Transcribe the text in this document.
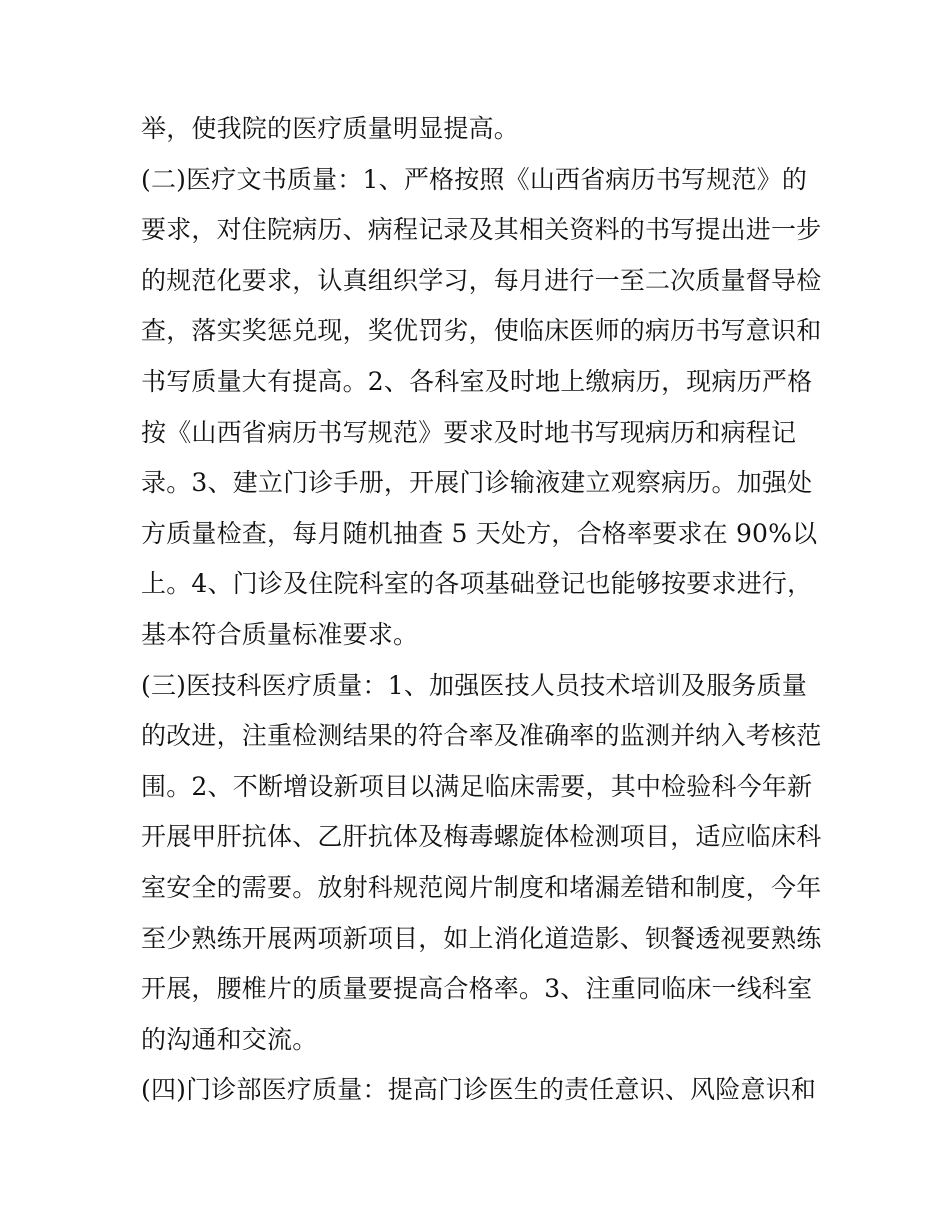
举，使我院的医疗质量明显提高。
(二)医疗文书质量：1、严格按照《山西省病历书写规范》的
要求，对住院病历、病程记录及其相关资料的书写提出进一步
的规范化要求，认真组织学习，每月进行一至二次质量督导检
查，落实奖惩兑现，奖优罚劣，使临床医师的病历书写意识和
书写质量大有提高。2、各科室及时地上缴病历，现病历严格
按《山西省病历书写规范》要求及时地书写现病历和病程记
录。3、建立门诊手册，开展门诊输液建立观察病历。加强处
方质量检查，每月随机抽查 5 天处方，合格率要求在 90%以
上。4、门诊及住院科室的各项基础登记也能够按要求进行，
基本符合质量标准要求。
(三)医技科医疗质量：1、加强医技人员技术培训及服务质量
的改进，注重检测结果的符合率及准确率的监测并纳入考核范
围。2、不断增设新项目以满足临床需要，其中检验科今年新
开展甲肝抗体、乙肝抗体及梅毒螺旋体检测项目，适应临床科
室安全的需要。放射科规范阅片制度和堵漏差错和制度，今年
至少熟练开展两项新项目，如上消化道造影、钡餐透视要熟练
开展，腰椎片的质量要提高合格率。3、注重同临床一线科室
的沟通和交流。
(四)门诊部医疗质量：提高门诊医生的责任意识、风险意识和
